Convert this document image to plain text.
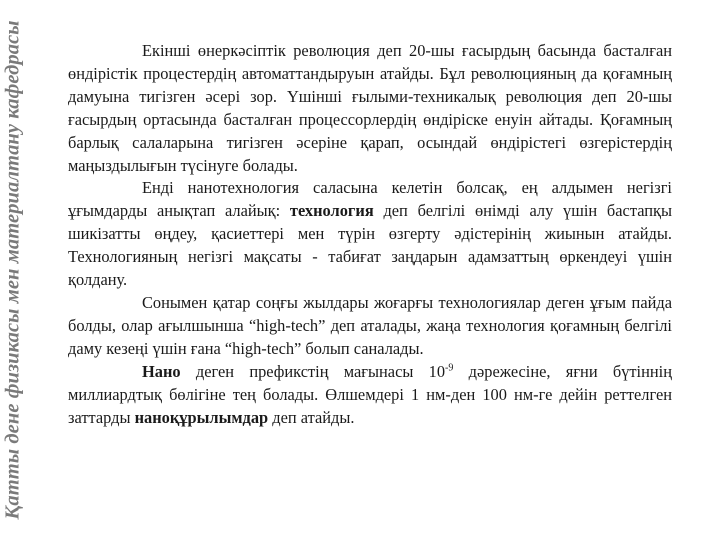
Қатты дене физикасы мен материалтану кафедрасы	Екінші өнеркәсіптік революция деп 20-шы ғасырдың басында басталған өндірістік процестердің автоматтандыруын атайды. Бұл революцияның да қоғамның дамуына тигізген әсері зор. Үшінші ғылыми-техникалық революция деп 20-шы ғасырдың ортасында басталған процессорлердің өндіріске енуін айтады. Қоғамның барлық салаларына тигізген әсеріне қарап, осындай өндірістегі өзгерістердің маңыздылығын түсінуге болады.

Енді нанотехнология саласына келетін болсақ, ең алдымен негізгі ұғымдарды анықтап алайық: технология деп белгілі өнімді алу үшін бастапқы шикізатты өңдеу, қасиеттері мен түрін өзгерту әдістерінің жиынын атайды. Технологияның негізгі мақсаты - табиғат заңдарын адамзаттың өркендеуі үшін қолдану.

Сонымен қатар соңғы жылдары жоғарғы технологиялар деген ұғым пайда болды, олар ағылшынша “high-tech” деп аталады, жаңа технология қоғамның белгілі даму кезеңі үшін ғана “high-tech” болып саналады.

Нано деген префикстің мағынасы $10^{-9}$ дәрежесіне, яғни бүтіннің миллиардтық бөлігіне тең болады. Өлшемдері 1 нм-ден 100 нм-ге дейін реттелген заттарды наноқұрылымдар деп атайды.
